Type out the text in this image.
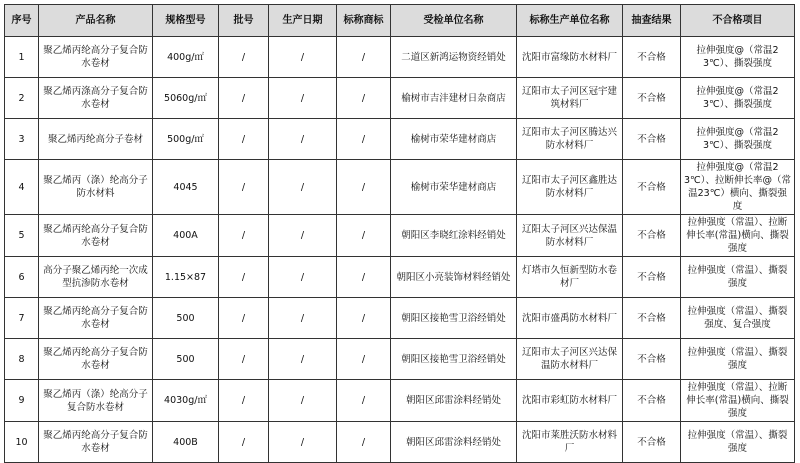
序号	产品名称	规格型号	批号	生产日期	标称商标	受检单位名称	标称生产单位名称	抽查结果	不合格项目
1	聚乙烯丙纶高分子复合防水卷材	400g/㎡	/	/	/	二道区新鸿运物资经销处	沈阳市富缘防水材料厂	不合格	拉伸强度@（常温23℃）、撕裂强度
2	聚乙烯丙涤高分子复合防水卷材	5060g/㎡	/	/	/	榆树市吉沣建材日杂商店	辽阳市太子河区冠宇建筑材料厂	不合格	拉伸强度@（常温23℃）、撕裂强度
3	聚乙烯丙纶高分子卷材	500g/㎡	/	/	/	榆树市荣华建材商店	辽阳市太子河区腾达兴防水材料厂	不合格	拉伸强度@（常温23℃）、撕裂强度
4	聚乙烯丙（涤）纶高分子防水材料	4045	/	/	/	榆树市荣华建材商店	辽阳市太子河区鑫胜达防水材料厂	不合格	拉伸强度@（常温23℃）、拉断伸长率@（常温23℃）横向、撕裂强度
5	聚乙烯丙纶高分子复合防水卷材	400A	/	/	/	朝阳区李晓红涂料经销处	辽阳太子河区兴达保温防水材料厂	不合格	拉伸强度（常温）、拉断伸长率(常温)横向、撕裂强度
6	高分子聚乙烯丙纶一次成型抗渗防水卷材	1.15×87	/	/	/	朝阳区小亮装饰材料经销处	灯塔市久恒新型防水卷材厂	不合格	拉伸强度（常温）、撕裂强度
7	聚乙烯丙纶高分子复合防水卷材	500	/	/	/	朝阳区接艳雪卫浴经销处	沈阳市盛禹防水材料厂	不合格	拉伸强度（常温）、撕裂强度、复合强度
8	聚乙烯丙纶高分子复合防水卷材	500	/	/	/	朝阳区接艳雪卫浴经销处	辽阳市太子河区兴达保温防水材料厂	不合格	拉伸强度（常温）、撕裂强度
9	聚乙烯丙（涤）纶高分子复合防水卷材	4030g/㎡	/	/	/	朝阳区邱雷涂料经销处	沈阳市彩虹防水材料厂	不合格	拉伸强度（常温）、拉断伸长率(常温)横向、撕裂强度
10	聚乙烯丙纶高分子复合防水卷材	400B	/	/	/	朝阳区邱雷涂料经销处	沈阳市莱胜沃防水材料厂	不合格	拉伸强度（常温）、撕裂强度
